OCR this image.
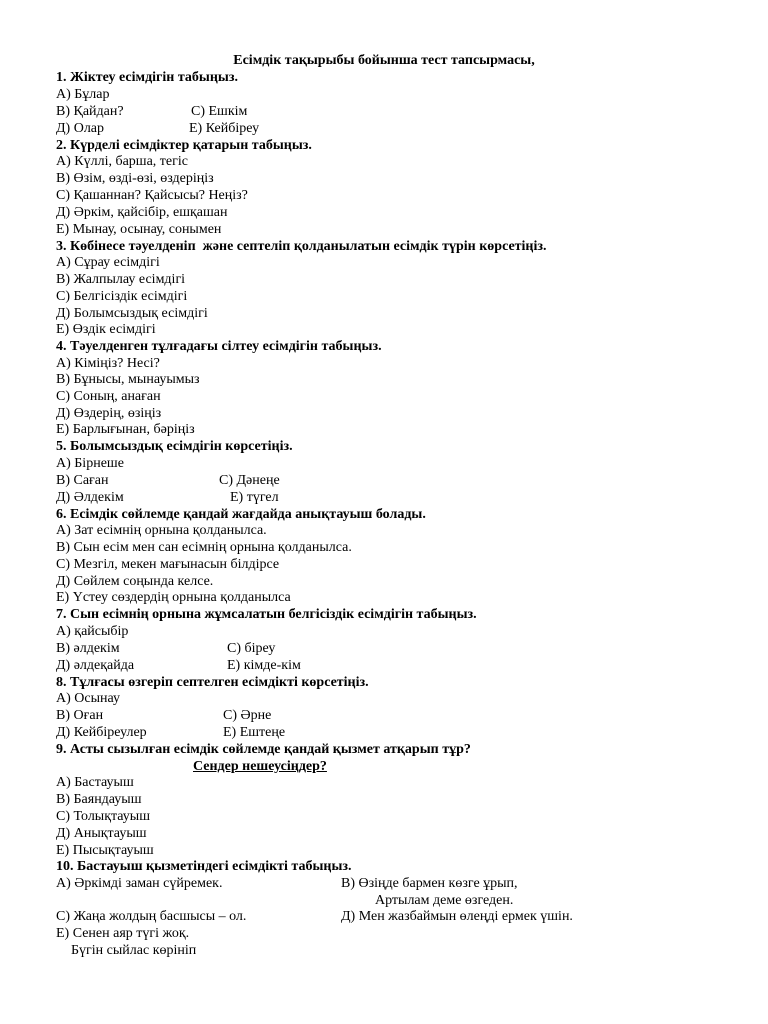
Есімдік тақырыбы бойынша тест тапсырмасы,
1. Жіктеу есімдігін табыңыз.
А) Бұлар
В) Қайдан?	С) Ешкім
Д) Олар	Е) Кейбіреу
2. Күрделі есімдіктер қатарын табыңыз.
А) Күллі, барша, тегіс
В) Өзім, өзді-өзі, өздеріңіз
С) Қашаннан? Қайсысы? Неңіз?
Д) Әркім, қайсібір, ешқашан
Е) Мынау, осынау, сонымен
3. Көбінесе тәуелденіп  және септеліп қолданылатын есімдік түрін көрсетіңіз.
А) Сұрау есімдігі
В) Жалпылау есімдігі
С) Белгісіздік есімдігі
Д) Болымсыздық есімдігі
Е) Өздік есімдігі
4. Тәуелденген тұлғадағы сілтеу есімдігін табыңыз.
А) Кіміңіз? Несі?
В) Бұнысы, мынауымыз
С) Соның, анаған
Д) Өздерің, өзіңіз
Е) Барлығынан, бәріңіз
5. Болымсыздық есімдігін көрсетіңіз.
А) Бірнеше
В) Саған	С) Дәнеңе
Д) Әлдекім	Е) түгел
6. Есімдік сөйлемде қандай жағдайда анықтауыш болады.
А) Зат есімнің орнына қолданылса.
В) Сын есім мен сан есімнің орнына қолданылса.
С) Мезгіл, мекен мағынасын білдірсе
Д) Сөйлем соңында келсе.
Е) Үстеу сөздердің орнына қолданылса
7. Сын есімнің орнына жұмсалатын белгісіздік есімдігін табыңыз.
А) қайсыбір
В) әлдекім	С) біреу
Д) әлдеқайда	Е) кімде-кім
8. Тұлғасы өзгеріп септелген есімдікті көрсетіңіз.
А) Осынау
В) Оған	С) Әрне
Д) Кейбіреулер	Е) Ештеңе
9. Асты сызылған есімдік сөйлемде қандай қызмет атқарып тұр?
Сендер нешеусіңдер?
А) Бастауыш
В) Баяндауыш
С) Толықтауыш
Д) Анықтауыш
Е) Пысықтауыш
10. Бастауыш қызметіндегі есімдікті табыңыз.
А) Әркімді заман сүйремек.	В) Өзіңде бармен көзге ұрып,
Артылам деме өзгеден.
С) Жаңа жолдың басшысы – ол.	Д) Мен жазбаймын өлеңді ермек үшін.
Е) Сенен аяр түгі жоқ.
Бүгін сыйлас көрініп
